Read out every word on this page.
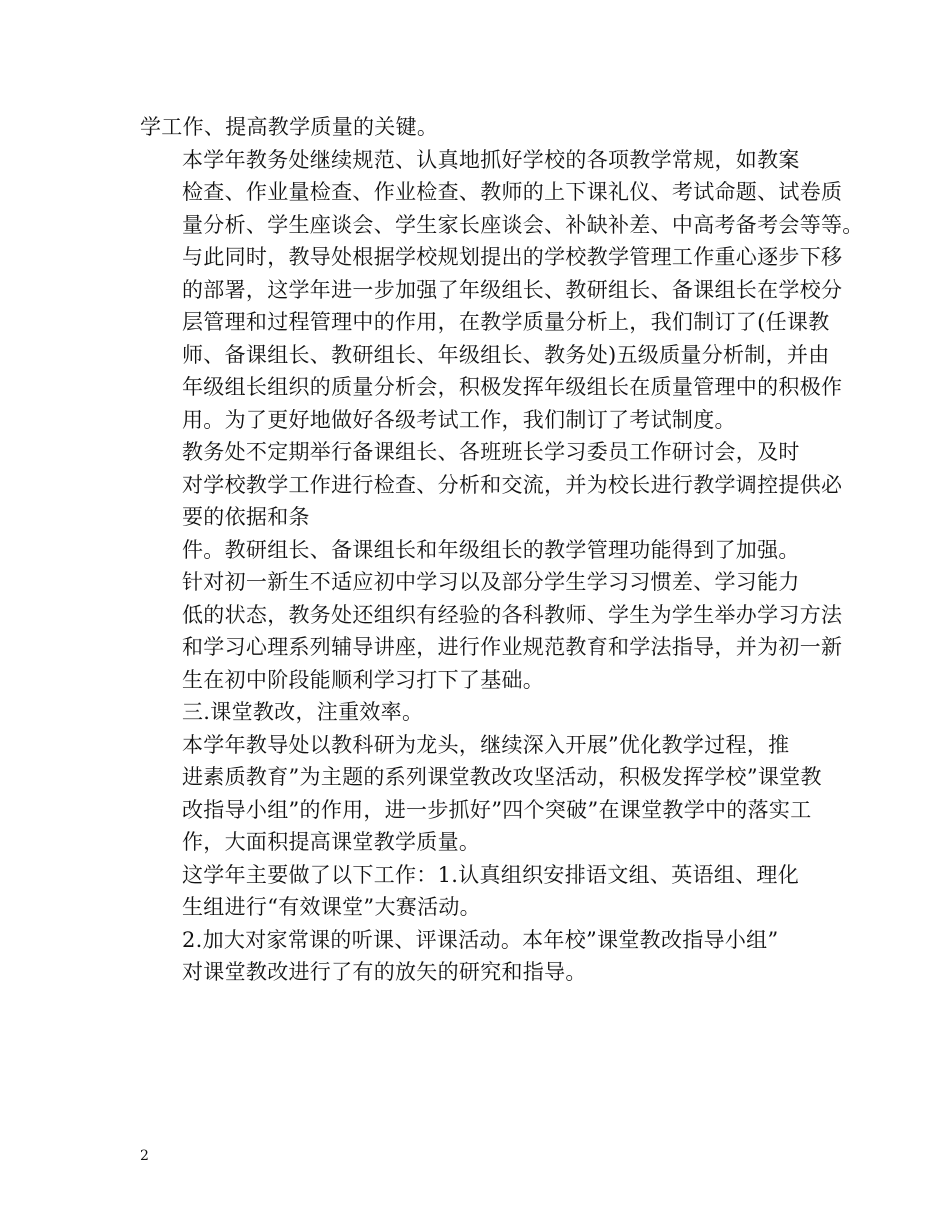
学工作、提高教学质量的关键。

本学年教务处继续规范、认真地抓好学校的各项教学常规，如教案
检查、作业量检查、作业检查、教师的上下课礼仪、考试命题、试卷质
量分析、学生座谈会、学生家长座谈会、补缺补差、中高考备考会等等。
与此同时，教导处根据学校规划提出的学校教学管理工作重心逐步下移
的部署，这学年进一步加强了年级组长、教研组长、备课组长在学校分
层管理和过程管理中的作用，在教学质量分析上，我们制订了(任课教
师、备课组长、教研组长、年级组长、教务处)五级质量分析制，并由
年级组长组织的质量分析会，积极发挥年级组长在质量管理中的积极作
用。为了更好地做好各级考试工作，我们制订了考试制度。

教务处不定期举行备课组长、各班班长学习委员工作研讨会，及时
对学校教学工作进行检查、分析和交流，并为校长进行教学调控提供必
要的依据和条

件。教研组长、备课组长和年级组长的教学管理功能得到了加强。

针对初一新生不适应初中学习以及部分学生学习习惯差、学习能力
低的状态，教务处还组织有经验的各科教师、学生为学生举办学习方法
和学习心理系列辅导讲座，进行作业规范教育和学法指导，并为初一新
生在初中阶段能顺利学习打下了基础。

三.课堂教改，注重效率。

本学年教导处以教科研为龙头，继续深入开展”优化教学过程，推
进素质教育”为主题的系列课堂教改攻坚活动，积极发挥学校”课堂教
改指导小组”的作用，进一步抓好”四个突破”在课堂教学中的落实工
作，大面积提高课堂教学质量。

这学年主要做了以下工作：1.认真组织安排语文组、英语组、理化
生组进行“有效课堂”大赛活动。

2.加大对家常课的听课、评课活动。本年校”课堂教改指导小组”
对课堂教改进行了有的放矢的研究和指导。

2
